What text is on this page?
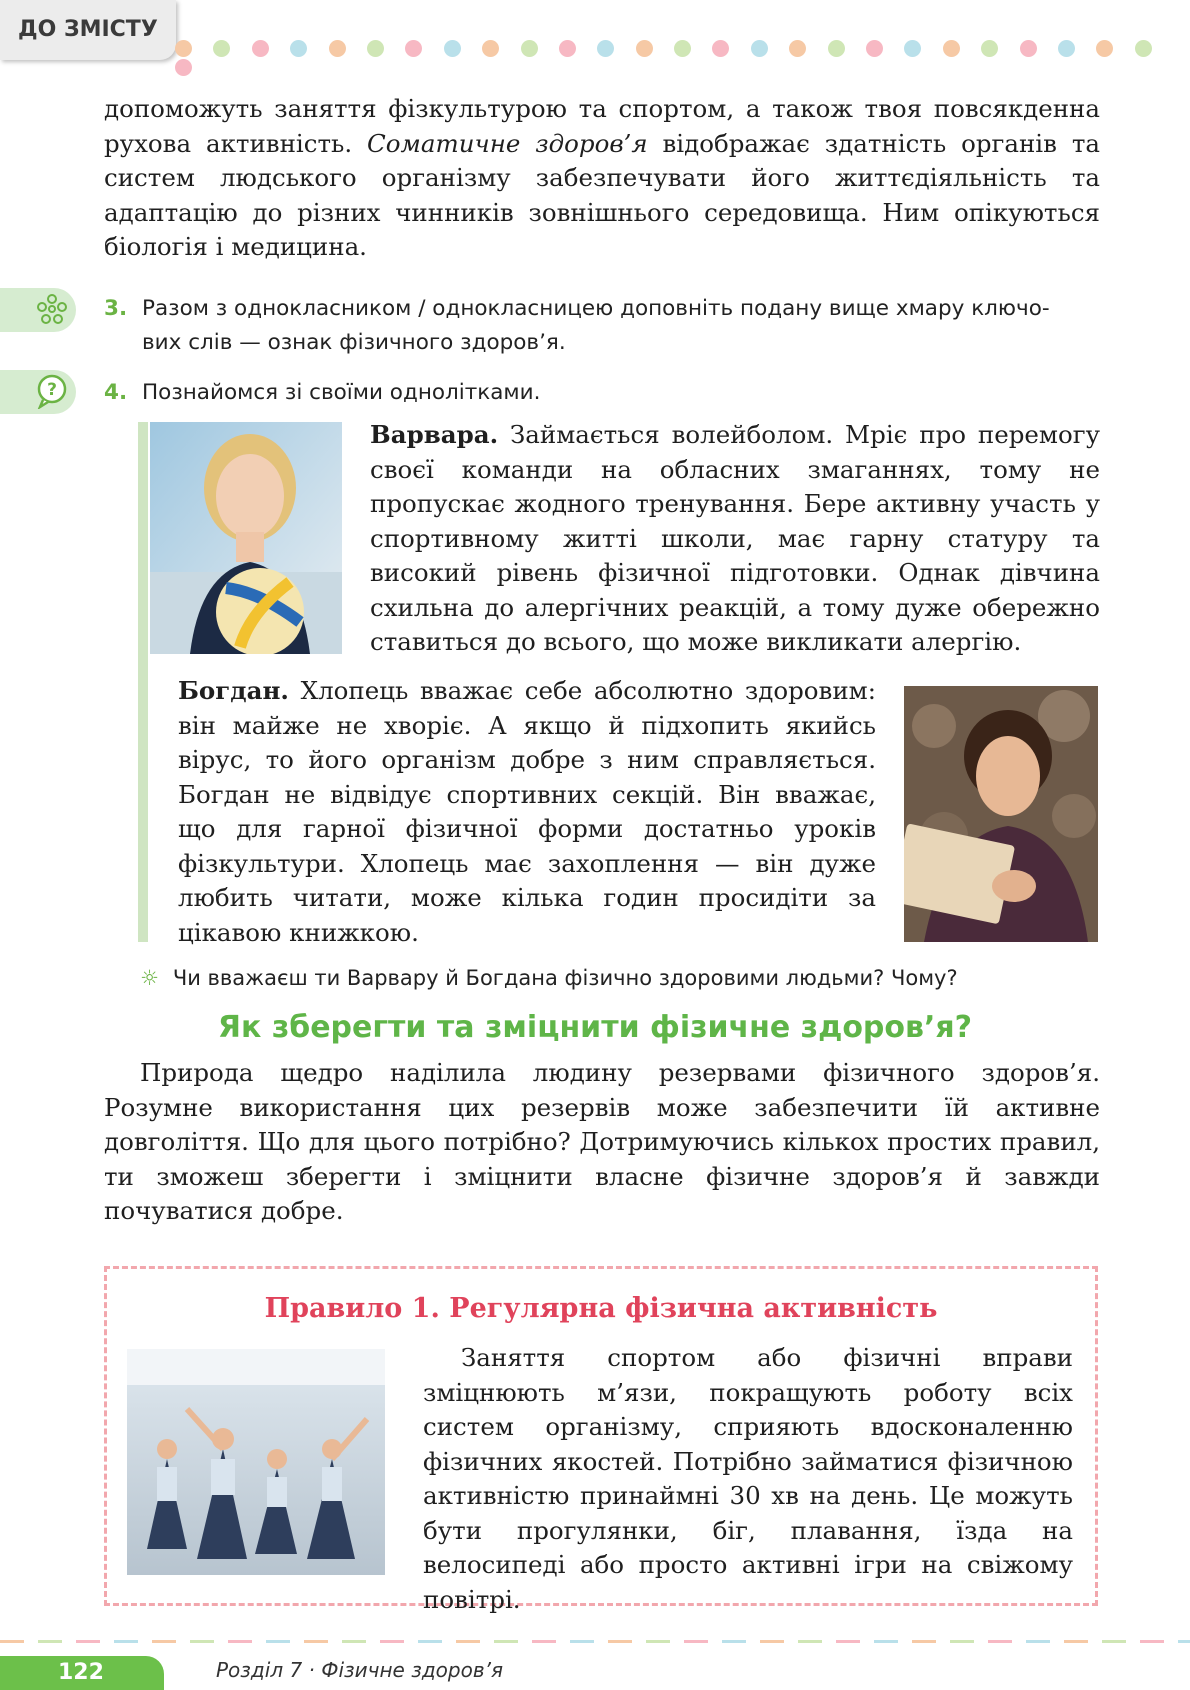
ДО ЗМІСТУ

допоможуть заняття фізкультурою та спортом, а також твоя повсякденна рухова активність. Соматичне здоров’я відображає здатність органів та систем людського організму забезпечувати його життєдіяльність та адаптацію до різних чинників зовнішнього середовища. Ним опікуються біологія і медицина.

3. Разом з однокласником / однокласницею доповніть подану вище хмару ключо-
вих слів — ознак фізичного здоров’я.
? 4. Познайомся зі своїми однолітками.

Варвара. Займається волейболом. Мріє про перемогу своєї команди на обласних змаганнях, тому не пропускає жодного тренування. Бере активну участь у спортивному житті школи, має гарну статуру та високий рівень фізичної підготовки. Однак дівчина схильна до алергічних реакцій, а тому дуже обережно ставиться до всього, що може викликати алергію.

Богдан. Хлопець вважає себе абсолютно здоровим: він майже не хворіє. А якщо й підхопить якийсь вірус, то його організм добре з ним справляється. Богдан не відвідує спортивних секцій. Він вважає, що для гарної фізичної форми достатньо уроків фізкультури. Хлопець має захоплення — він дуже любить читати, може кілька годин просидіти за цікавою книжкою.

☼ Чи вважаєш ти Варвару й Богдана фізично здоровими людьми? Чому?
Як зберегти та зміцнити фізичне здоров’я?

Природа щедро наділила людину резервами фізичного здоров’я. Розумне використання цих резервів може забезпечити їй активне довголіття. Що для цього потрібно? Дотримуючись кількох простих правил, ти зможеш зберегти і зміцнити власне фізичне здоров’я й завжди почуватися добре.

Правило 1. Регулярна фізична активність

Заняття спортом або фізичні вправи зміцнюють м’язи, покращують роботу всіх систем організму, сприяють вдосконаленню фізичних якостей. Потрібно займатися фізичною активністю принаймні 30 хв на день. Це можуть бути прогулянки, біг, плавання, їзда на велосипеді або просто активні ігри на свіжому повітрі.

122	Розділ 7 · Фізичне здоров’я
